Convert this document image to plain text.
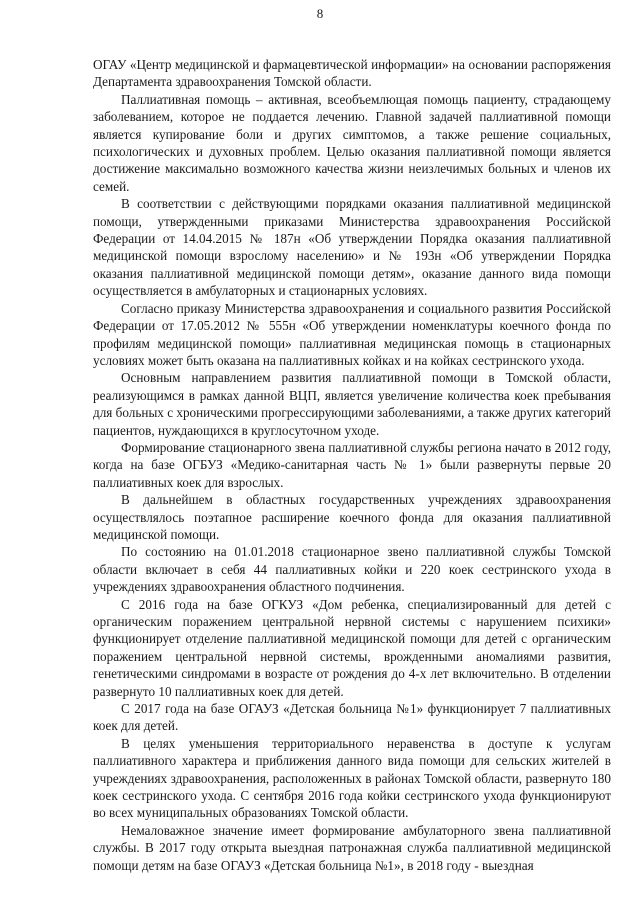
8

ОГАУ «Центр медицинской и фармацевтической информации» на основании распоряжения Департамента здравоохранения Томской области.

Паллиативная помощь – активная, всеобъемлющая помощь пациенту, страдающему заболеванием, которое не поддается лечению. Главной задачей паллиативной помощи является купирование боли и других симптомов, а также решение социальных, психологических и духовных проблем. Целью оказания паллиативной помощи является достижение максимально возможного качества жизни неизлечимых больных и членов их семей.

В соответствии с действующими порядками оказания паллиативной медицинской помощи, утвержденными приказами Министерства здравоохранения Российской Федерации от 14.04.2015 № 187н «Об утверждении Порядка оказания паллиативной медицинской помощи взрослому населению» и № 193н «Об утверждении Порядка оказания паллиативной медицинской помощи детям», оказание данного вида помощи осуществляется в амбулаторных и стационарных условиях.

Согласно приказу Министерства здравоохранения и социального развития Российской Федерации от 17.05.2012 № 555н «Об утверждении номенклатуры коечного фонда по профилям медицинской помощи» паллиативная медицинская помощь в стационарных условиях может быть оказана на паллиативных койках и на койках сестринского ухода.

Основным направлением развития паллиативной помощи в Томской области, реализующимся в рамках данной ВЦП, является увеличение количества коек пребывания для больных с хроническими прогрессирующими заболеваниями, а также других категорий пациентов, нуждающихся в круглосуточном уходе.

Формирование стационарного звена паллиативной службы региона начато в 2012 году, когда на базе ОГБУЗ «Медико-санитарная часть № 1» были развернуты первые 20 паллиативных коек для взрослых.

В дальнейшем в областных государственных учреждениях здравоохранения осуществлялось поэтапное расширение коечного фонда для оказания паллиативной медицинской помощи.

По состоянию на 01.01.2018 стационарное звено паллиативной службы Томской области включает в себя 44 паллиативных койки и 220 коек сестринского ухода в учреждениях здравоохранения областного подчинения.

С 2016 года на базе ОГКУЗ «Дом ребенка, специализированный для детей с органическим поражением центральной нервной системы с нарушением психики» функционирует отделение паллиативной медицинской помощи для детей с органическим поражением центральной нервной системы, врожденными аномалиями развития, генетическими синдромами в возрасте от рождения до 4-х лет включительно. В отделении развернуто 10 паллиативных коек для детей.

С 2017 года на базе ОГАУЗ «Детская больница №1» функционирует 7 паллиативных коек для детей.

В целях уменьшения территориального неравенства в доступе к услугам паллиативного характера и приближения данного вида помощи для сельских жителей в учреждениях здравоохранения, расположенных в районах Томской области, развернуто 180 коек сестринского ухода. С сентября 2016 года койки сестринского ухода функционируют во всех муниципальных образованиях Томской области.

Немаловажное значение имеет формирование амбулаторного звена паллиативной службы. В 2017 году открыта выездная патронажная служба паллиативной медицинской помощи детям на базе ОГАУЗ «Детская больница №1», в 2018 году - выездная
